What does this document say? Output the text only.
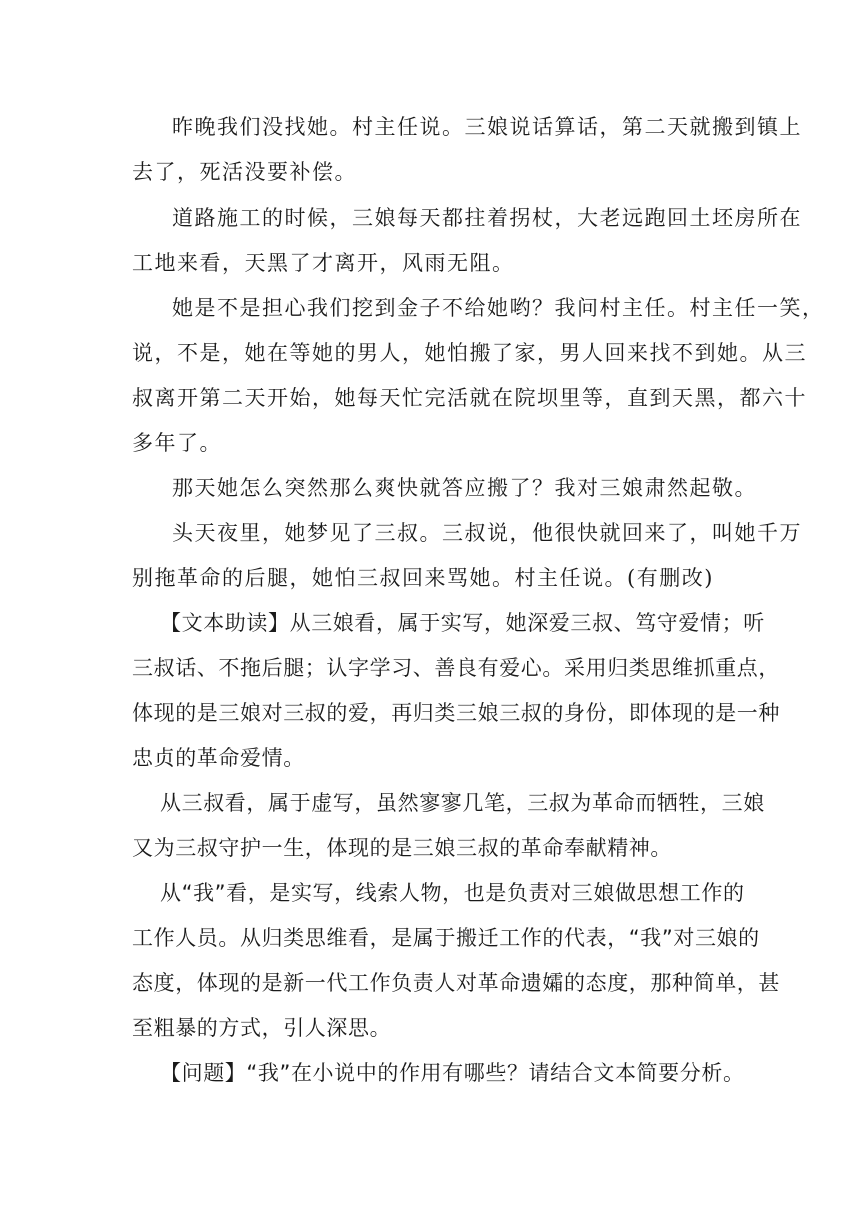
昨晚我们没找她。村主任说。三娘说话算话，第二天就搬到镇上
去了，死活没要补偿。
道路施工的时候，三娘每天都拄着拐杖，大老远跑回土坯房所在
工地来看，天黑了才离开，风雨无阻。
她是不是担心我们挖到金子不给她哟？我问村主任。村主任一笑，
说，不是，她在等她的男人，她怕搬了家，男人回来找不到她。从三
叔离开第二天开始，她每天忙完活就在院坝里等，直到天黑，都六十
多年了。
那天她怎么突然那么爽快就答应搬了？我对三娘肃然起敬。
头天夜里，她梦见了三叔。三叔说，他很快就回来了，叫她千万
别拖革命的后腿，她怕三叔回来骂她。村主任说。(有删改)
【文本助读】从三娘看，属于实写，她深爱三叔、笃守爱情；听
三叔话、不拖后腿；认字学习、善良有爱心。采用归类思维抓重点，
体现的是三娘对三叔的爱，再归类三娘三叔的身份，即体现的是一种
忠贞的革命爱情。
从三叔看，属于虚写，虽然寥寥几笔，三叔为革命而牺牲，三娘
又为三叔守护一生，体现的是三娘三叔的革命奉献精神。
从“我”看，是实写，线索人物，也是负责对三娘做思想工作的
工作人员。从归类思维看，是属于搬迁工作的代表，“我”对三娘的
态度，体现的是新一代工作负责人对革命遗孀的态度，那种简单，甚
至粗暴的方式，引人深思。
【问题】“我”在小说中的作用有哪些？请结合文本简要分析。
